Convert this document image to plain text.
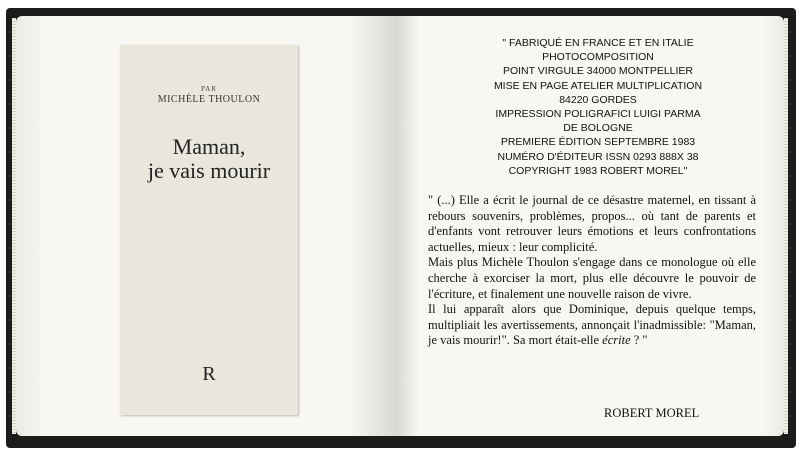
PAR
MICHÈLE THOULON
Maman,
je vais mourir
R
" FABRIQUÉ EN FRANCE ET EN ITALIE
PHOTOCOMPOSITION
POINT VIRGULE 34000 MONTPELLIER
MISE EN PAGE ATELIER MULTIPLICATION
84220 GORDES
IMPRESSION POLIGRAFICI LUIGI PARMA
DE BOLOGNE
PREMIERE ÉDITION SEPTEMBRE 1983
NUMÉRO D'ÉDITEUR ISSN 0293 888X 38
COPYRIGHT 1983 ROBERT MOREL"

" (...) Elle a écrit le journal de ce désastre maternel, en tissant à rebours souvenirs, problèmes, propos... où tant de parents et d'enfants vont retrouver leurs émotions et leurs confrontations actuelles, mieux : leur complicité.

Mais plus Michèle Thoulon s'engage dans ce monologue où elle cherche à exorciser la mort, plus elle découvre le pouvoir de l'écriture, et finalement une nouvelle raison de vivre.

Il lui apparaît alors que Dominique, depuis quelque temps, multipliait les avertissements, annonçait l'inadmissible: "Maman, je vais mourir!". Sa mort était-elle écrite ? "

ROBERT MOREL
